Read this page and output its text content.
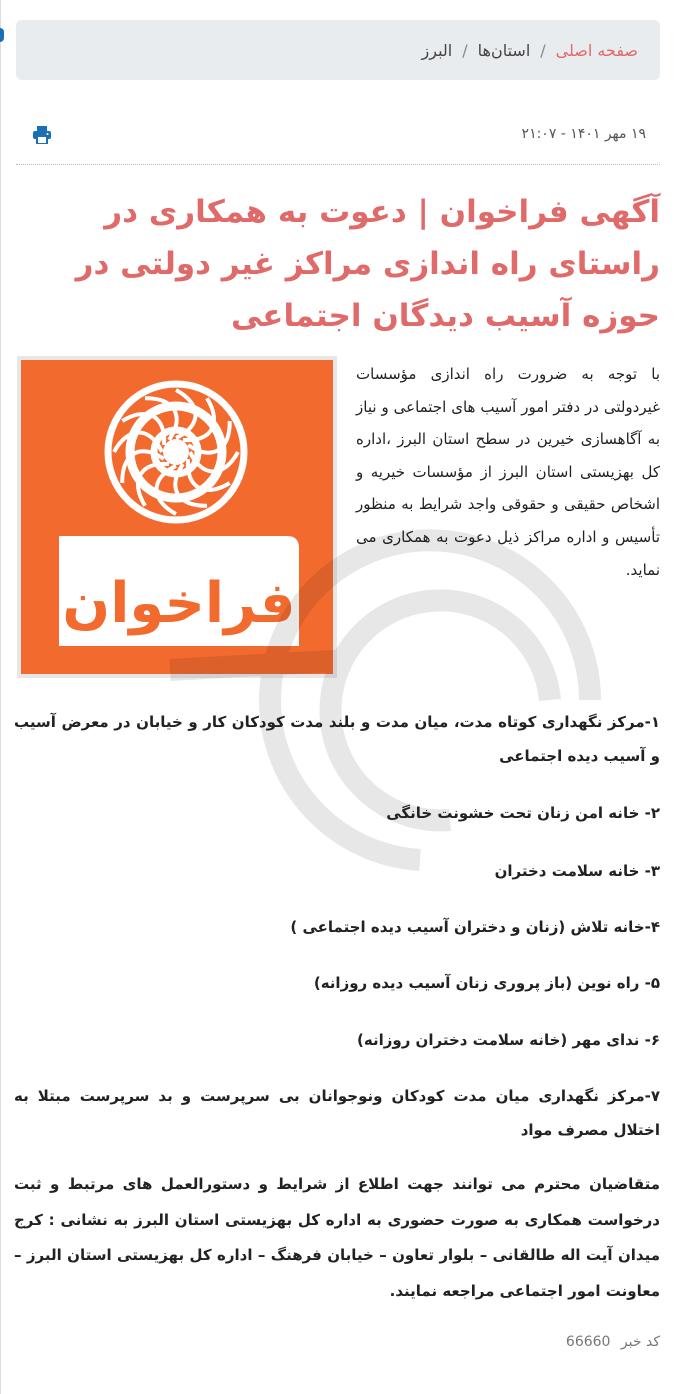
صفحه اصلی
/
استان‌ها
/
البرز
۱۹ مهر ۱۴۰۱ - ۲۱:۰۷
آگهی فراخوان | دعوت به همکاری در راستای راه اندازی مراکز غیر دولتی در حوزه آسیب دیدگان اجتماعی
فراخوان

با توجه به ضرورت راه اندازی مؤسسات غیردولتی در دفتر امور آسیب های اجتماعی و نیاز به آگاهسازی خیرین در سطح استان البرز ،اداره کل بهزیستی استان البرز از مؤسسات خیریه و اشخاص حقیقی و حقوقی واجد شرایط به منظور تأسیس و اداره مراکز ذیل دعوت به همکاری می نماید.

۱-مرکز نگهداری کوتاه مدت، میان مدت و بلند مدت کودکان کار و خیابان در معرض آسیب و آسیب دیده اجتماعی

۲- خانه امن زنان تحت خشونت خانگی

۳- خانه سلامت دختران

۴-خانه تلاش (زنان و دختران آسیب دیده اجتماعی )

۵- راه نوین (باز پروری زنان آسیب دیده روزانه)

۶- ندای مهر (خانه سلامت دختران روزانه)

۷-مرکز نگهداری میان مدت کودکان ونوجوانان بی سرپرست و بد سرپرست مبتلا به اختلال مصرف مواد

متقاضیان محترم می توانند جهت اطلاع از شرایط و دستورالعمل های مرتبط و ثبت درخواست همکاری به صورت حضوری به اداره کل بهزیستی استان البرز به نشانی : کرج میدان آیت اله طالقانی – بلوار تعاون – خیابان فرهنگ – اداره کل بهزیستی استان البرز – معاونت امور اجتماعی مراجعه نمایند.

کد خبر 66660
